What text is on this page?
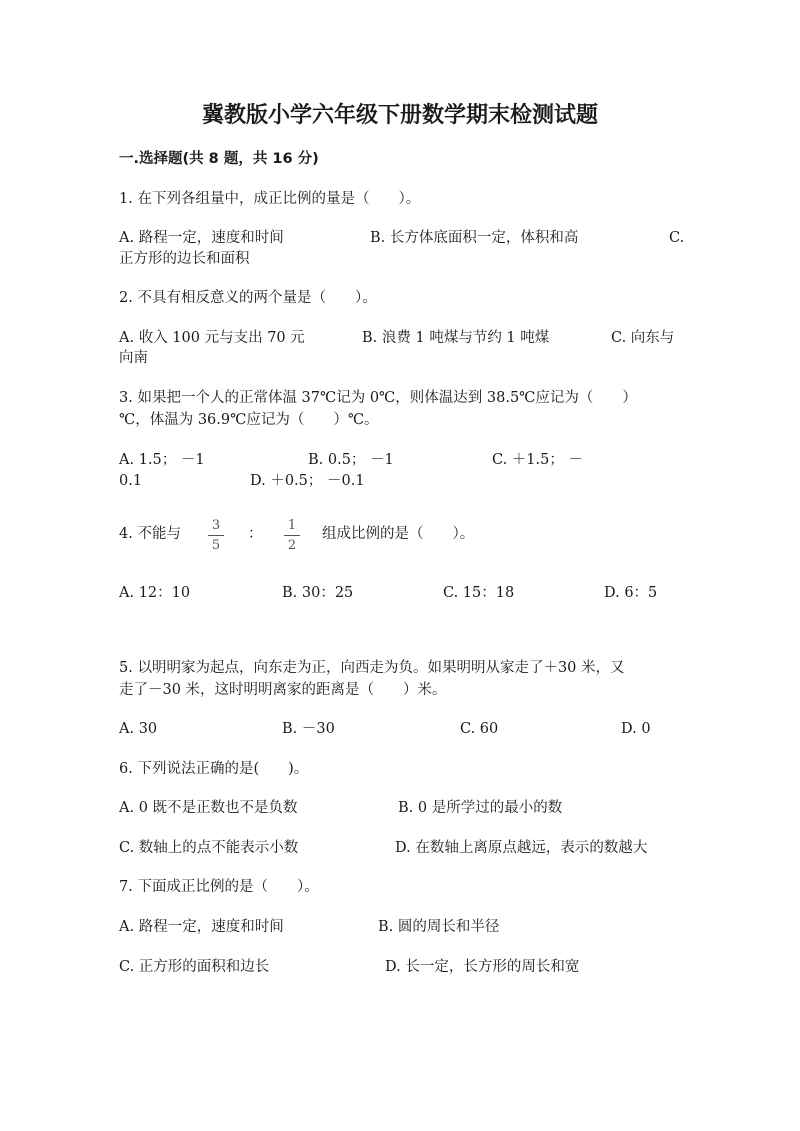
冀教版小学六年级下册数学期末检测试题
一.选择题(共 8 题，共 16 分)
1. 在下列各组量中，成正比例的量是（　　）。
A. 路程一定，速度和时间	B. 长方体底面积一定，体积和高	C.
正方形的边长和面积
2. 不具有相反意义的两个量是（　　）。
A. 收入 100 元与支出 70 元	B. 浪费 1 吨煤与节约 1 吨煤	C. 向东与
向南
3. 如果把一个人的正常体温 37℃记为 0℃，则体温达到 38.5℃应记为（　　）
℃，体温为 36.9℃应记为（　　）℃。
A. 1.5； －1	B. 0.5； －1	C. ＋1.5； －
0.1	D. ＋0.5； －0.1
4. 不能与
3
5
：
1
2
组成比例的是（　　）。
A. 12：10	B. 30：25	C. 15：18	D. 6：5
5. 以明明家为起点，向东走为正，向西走为负。如果明明从家走了＋30 米，又
走了－30 米，这时明明离家的距离是（　　）米。
A. 30	B. －30	C. 60	D. 0
6. 下列说法正确的是(　　)。
A. 0 既不是正数也不是负数	B. 0 是所学过的最小的数
C. 数轴上的点不能表示小数	D. 在数轴上离原点越远，表示的数越大
7. 下面成正比例的是（　　）。
A. 路程一定，速度和时间	B. 圆的周长和半径
C. 正方形的面积和边长	D. 长一定，长方形的周长和宽
